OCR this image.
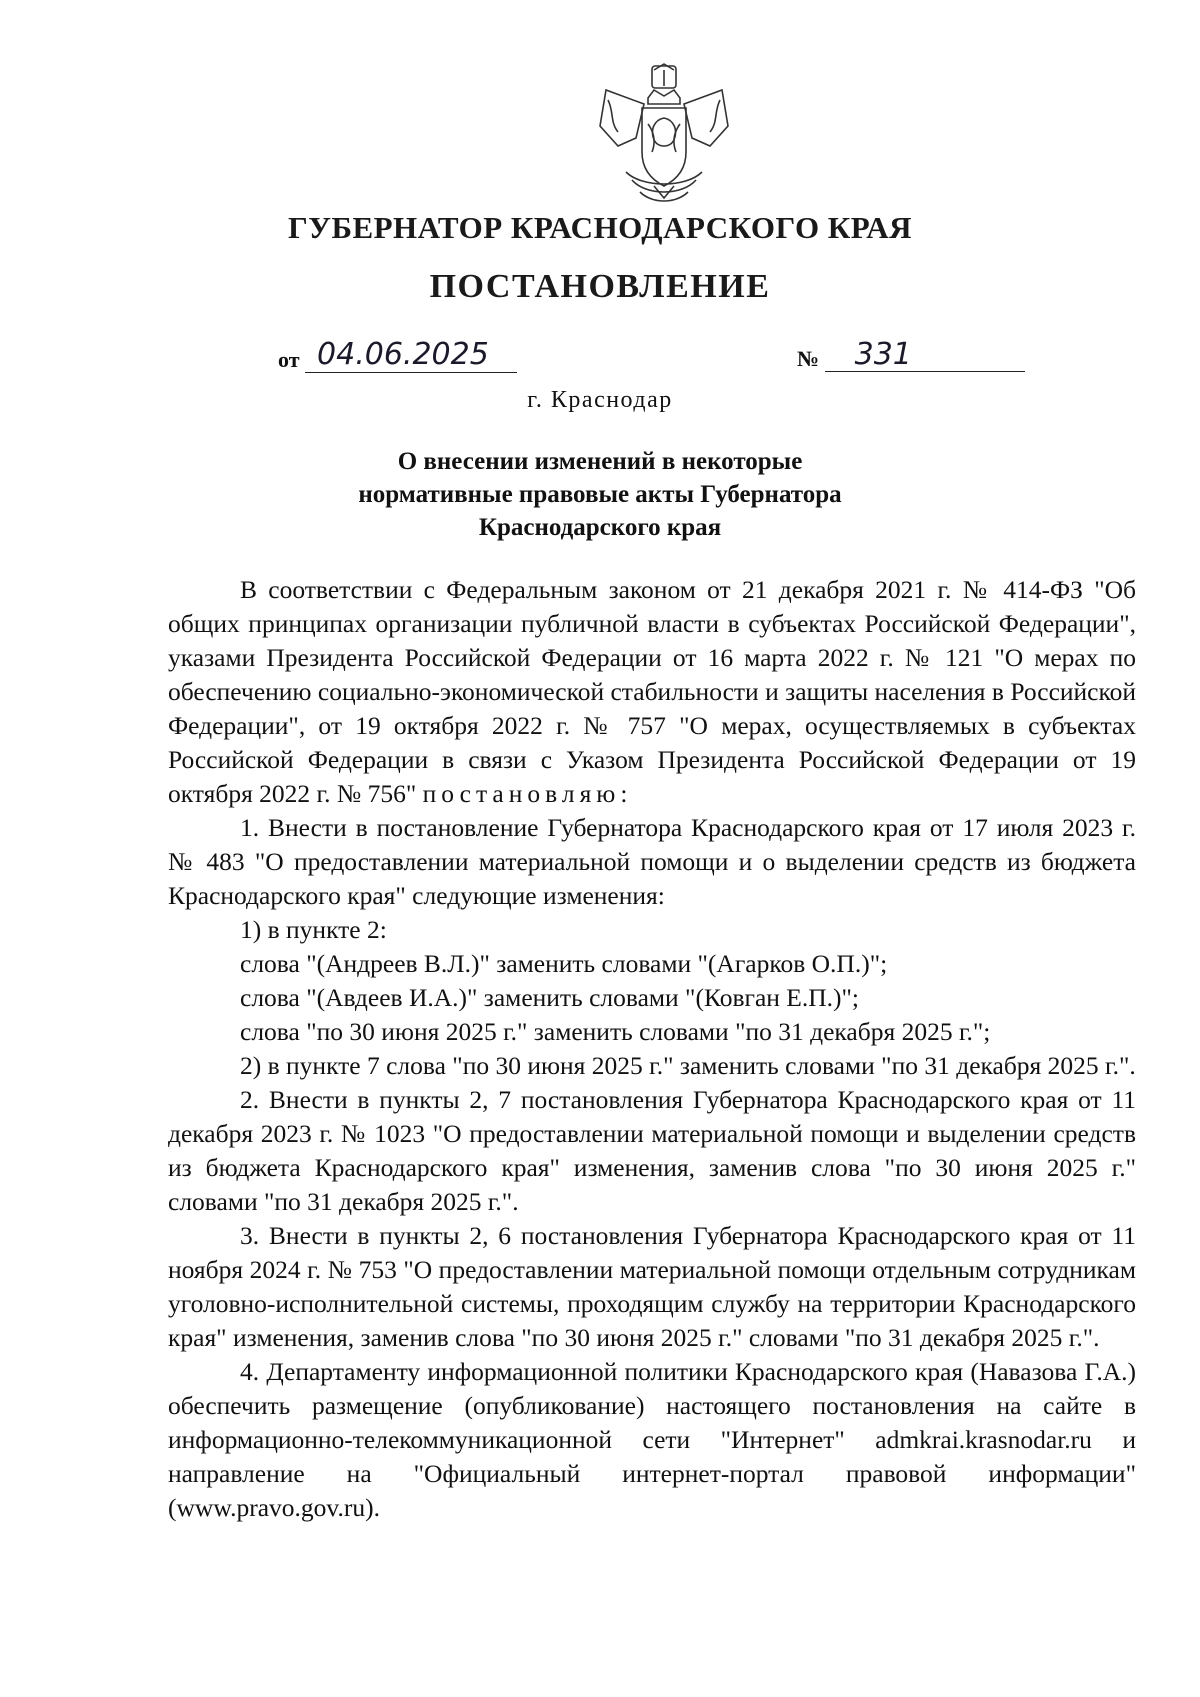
ГУБЕРНАТОР КРАСНОДАРСКОГО КРАЯ
ПОСТАНОВЛЕНИЕ
от 04.06.2025	№ 331
г. Краснодар
О внесении изменений в некоторые
нормативные правовые акты Губернатора
Краснодарского края

В соответствии с Федеральным законом от 21 декабря 2021 г. № 414-ФЗ "Об общих принципах организации публичной власти в субъектах Российской Федерации", указами Президента Российской Федерации от 16 марта 2022 г. № 121 "О мерах по обеспечению социально-экономической стабильности и защиты населения в Российской Федерации", от 19 октября 2022 г. № 757 "О мерах, осуществляемых в субъектах Российской Федерации в связи с Указом Президента Российской Федерации от 19 октября 2022 г. № 756" постановляю:

1. Внести в постановление Губернатора Краснодарского края от 17 июля 2023 г. № 483 "О предоставлении материальной помощи и о выделении средств из бюджета Краснодарского края" следующие изменения:

1) в пункте 2:

слова "(Андреев В.Л.)" заменить словами "(Агарков О.П.)";

слова "(Авдеев И.А.)" заменить словами "(Ковган Е.П.)";

слова "по 30 июня 2025 г." заменить словами "по 31 декабря 2025 г.";

2) в пункте 7 слова "по 30 июня 2025 г." заменить словами "по 31 декабря 2025 г.".

2. Внести в пункты 2, 7 постановления Губернатора Краснодарского края от 11 декабря 2023 г. № 1023 "О предоставлении материальной помощи и выделении средств из бюджета Краснодарского края" изменения, заменив слова "по 30 июня 2025 г." словами "по 31 декабря 2025 г.".

3. Внести в пункты 2, 6 постановления Губернатора Краснодарского края от 11 ноября 2024 г. № 753 "О предоставлении материальной помощи отдельным сотрудникам уголовно-исполнительной системы, проходящим службу на территории Краснодарского края" изменения, заменив слова "по 30 июня 2025 г." словами "по 31 декабря 2025 г.".

4. Департаменту информационной политики Краснодарского края (Навазова Г.А.) обеспечить размещение (опубликование) настоящего постановления на сайте в информационно-телекоммуникационной сети "Интернет" admkrai.krasnodar.ru и направление на "Официальный интернет-портал правовой информации" (www.pravo.gov.ru).
